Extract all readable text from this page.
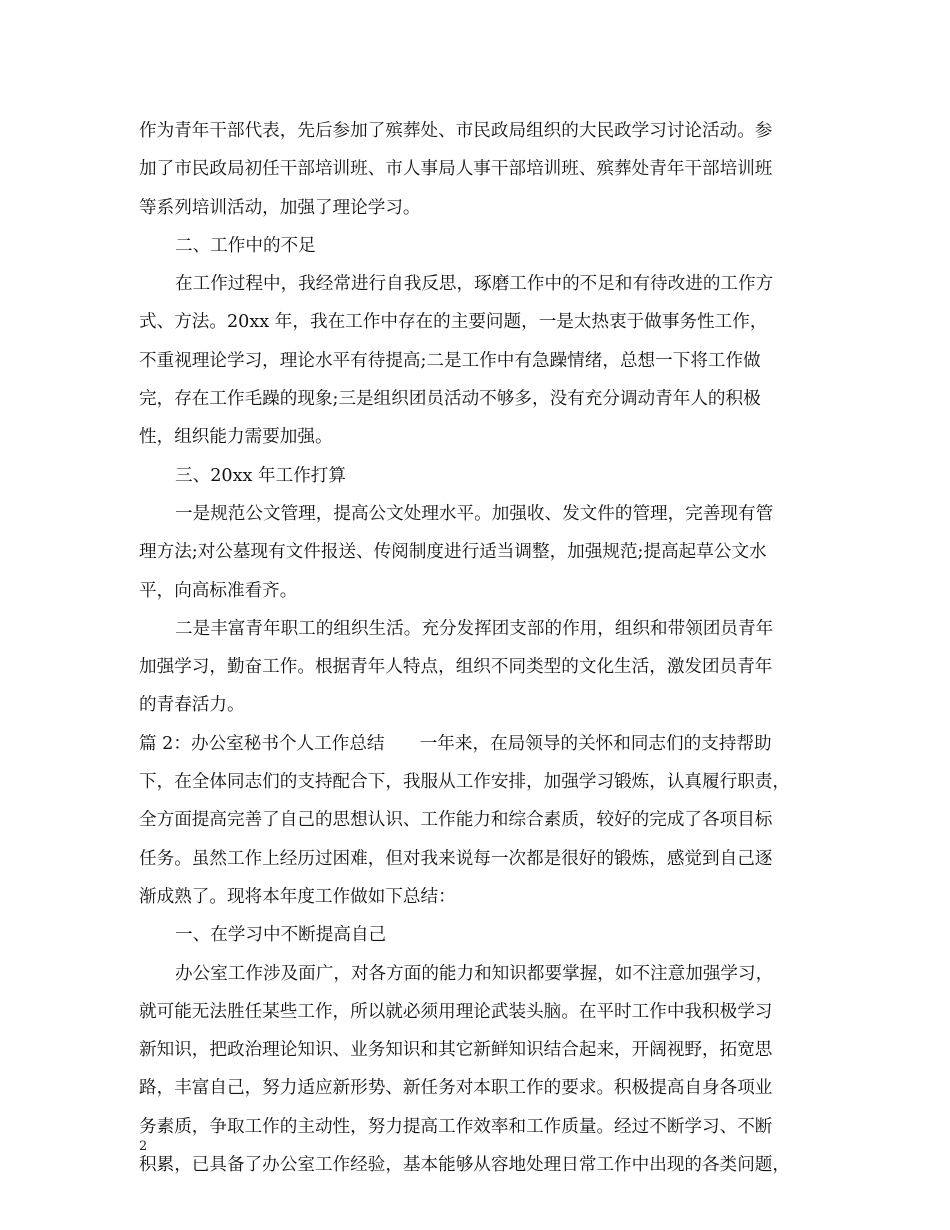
作为青年干部代表，先后参加了殡葬处、市民政局组织的大民政学习讨论活动。参
加了市民政局初任干部培训班、市人事局人事干部培训班、殡葬处青年干部培训班
等系列培训活动，加强了理论学习。
二、工作中的不足
在工作过程中，我经常进行自我反思，琢磨工作中的不足和有待改进的工作方
式、方法。20xx 年，我在工作中存在的主要问题，一是太热衷于做事务性工作，
不重视理论学习，理论水平有待提高;二是工作中有急躁情绪，总想一下将工作做
完，存在工作毛躁的现象;三是组织团员活动不够多，没有充分调动青年人的积极
性，组织能力需要加强。
三、20xx 年工作打算
一是规范公文管理，提高公文处理水平。加强收、发文件的管理，完善现有管
理方法;对公墓现有文件报送、传阅制度进行适当调整，加强规范;提高起草公文水
平，向高标准看齐。
二是丰富青年职工的组织生活。充分发挥团支部的作用，组织和带领团员青年
加强学习，勤奋工作。根据青年人特点，组织不同类型的文化生活，激发团员青年
的青春活力。
篇 2：办公室秘书个人工作总结　　一年来，在局领导的关怀和同志们的支持帮助
下，在全体同志们的支持配合下，我服从工作安排，加强学习锻炼，认真履行职责，
全方面提高完善了自己的思想认识、工作能力和综合素质，较好的完成了各项目标
任务。虽然工作上经历过困难，但对我来说每一次都是很好的锻炼，感觉到自己逐
渐成熟了。现将本年度工作做如下总结：
一、在学习中不断提高自己
办公室工作涉及面广，对各方面的能力和知识都要掌握，如不注意加强学习，
就可能无法胜任某些工作，所以就必须用理论武装头脑。在平时工作中我积极学习
新知识，把政治理论知识、业务知识和其它新鲜知识结合起来，开阔视野，拓宽思
路，丰富自己，努力适应新形势、新任务对本职工作的要求。积极提高自身各项业
务素质，争取工作的主动性，努力提高工作效率和工作质量。经过不断学习、不断
积累，已具备了办公室工作经验，基本能够从容地处理日常工作中出现的各类问题，
2
